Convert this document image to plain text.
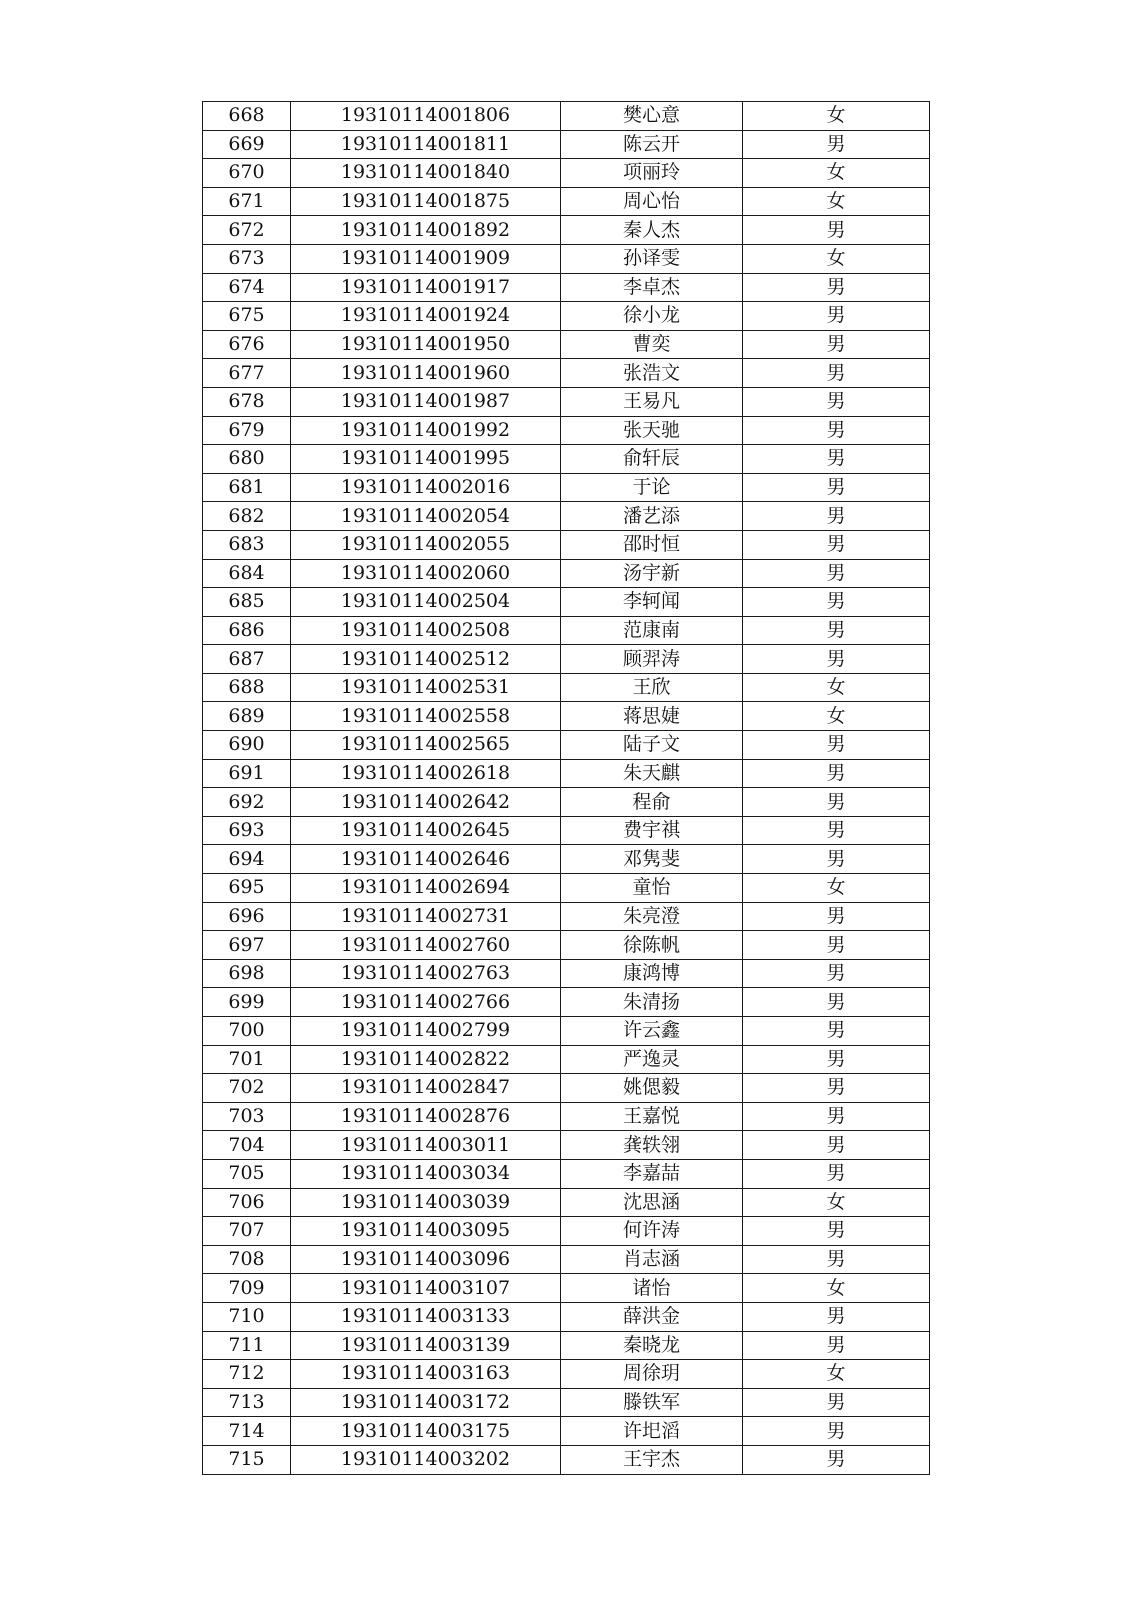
668	19310114001806	樊心意	女
669	19310114001811	陈云开	男
670	19310114001840	项丽玲	女
671	19310114001875	周心怡	女
672	19310114001892	秦人杰	男
673	19310114001909	孙译雯	女
674	19310114001917	李卓杰	男
675	19310114001924	徐小龙	男
676	19310114001950	曹奕	男
677	19310114001960	张浩文	男
678	19310114001987	王易凡	男
679	19310114001992	张天驰	男
680	19310114001995	俞轩辰	男
681	19310114002016	于论	男
682	19310114002054	潘艺添	男
683	19310114002055	邵时恒	男
684	19310114002060	汤宇新	男
685	19310114002504	李轲闻	男
686	19310114002508	范康南	男
687	19310114002512	顾羿涛	男
688	19310114002531	王欣	女
689	19310114002558	蒋思婕	女
690	19310114002565	陆子文	男
691	19310114002618	朱天麒	男
692	19310114002642	程俞	男
693	19310114002645	费宇祺	男
694	19310114002646	邓隽斐	男
695	19310114002694	童怡	女
696	19310114002731	朱亮澄	男
697	19310114002760	徐陈帆	男
698	19310114002763	康鸿博	男
699	19310114002766	朱清扬	男
700	19310114002799	许云鑫	男
701	19310114002822	严逸灵	男
702	19310114002847	姚偲毅	男
703	19310114002876	王嘉悦	男
704	19310114003011	龚轶翎	男
705	19310114003034	李嘉喆	男
706	19310114003039	沈思涵	女
707	19310114003095	何许涛	男
708	19310114003096	肖志涵	男
709	19310114003107	诸怡	女
710	19310114003133	薛洪金	男
711	19310114003139	秦晓龙	男
712	19310114003163	周徐玥	女
713	19310114003172	滕铁军	男
714	19310114003175	许圯滔	男
715	19310114003202	王宇杰	男
